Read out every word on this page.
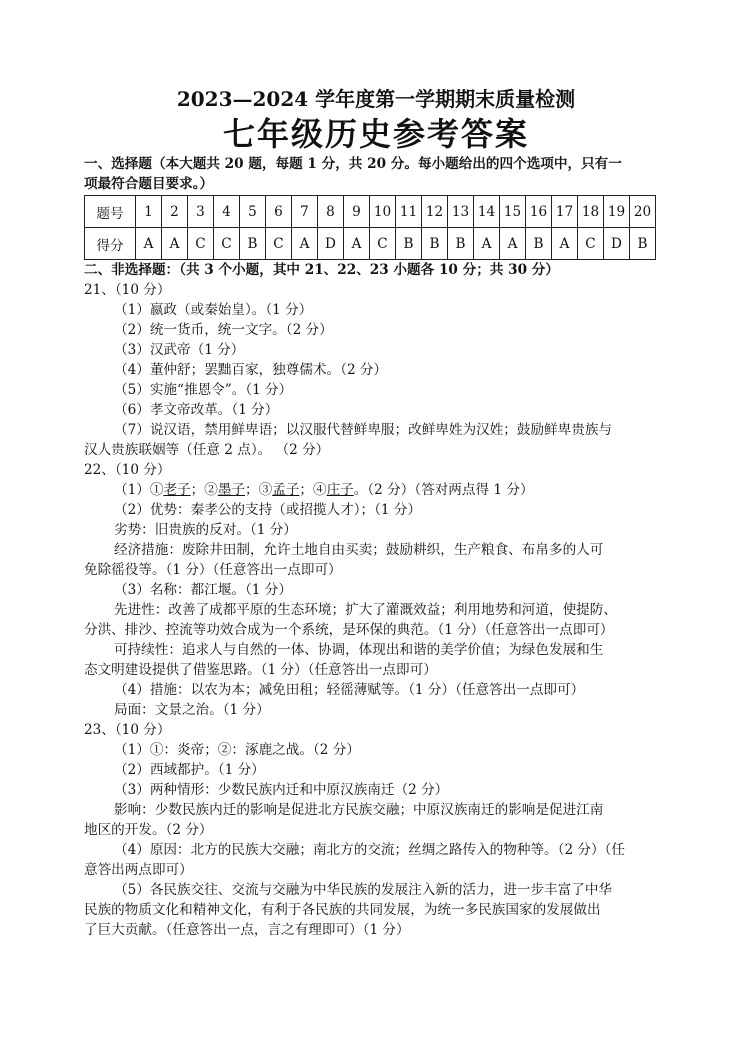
2023—2024 学年度第一学期期末质量检测
七年级历史参考答案
一、选择题（本大题共 20 题，每题 1 分，共 20 分。每小题给出的四个选项中，只有一
项最符合题目要求。）
题号	1	2	3	4	5	6	7	8	9	10	11	12	13	14	15	16	17	18	19	20
得分	A	A	C	C	B	C	A	D	A	C	B	B	B	A	A	B	A	C	D	B
二、非选择题：（共 3 个小题，其中 21、22、23 小题各 10 分；共 30 分）
21、（10 分）
（1）嬴政（或秦始皇）。（1 分）
（2）统一货币，统一文字。（2 分）
（3）汉武帝（1 分）
（4）董仲舒；罢黜百家，独尊儒术。（2 分）
（5）实施“推恩令”。（1 分）
（6）孝文帝改革。（1 分）
（7）说汉语，禁用鲜卑语；以汉服代替鲜卑服；改鲜卑姓为汉姓；鼓励鲜卑贵族与
汉人贵族联姻等（任意 2 点）。 （2 分）
22、（10 分）
（1）①老子；②墨子；③孟子；④庄子。（2 分）（答对两点得 1 分）
（2）优势：秦孝公的支持（或招揽人才）；（1 分）
劣势：旧贵族的反对。（1 分）
经济措施：废除井田制，允许土地自由买卖；鼓励耕织，生产粮食、布帛多的人可
免除徭役等。（1 分）（任意答出一点即可）
（3）名称：都江堰。（1 分）
先进性：改善了成都平原的生态环境；扩大了灌溉效益；利用地势和河道，使提防、
分洪、排沙、控流等功效合成为一个系统，是环保的典范。（1 分）（任意答出一点即可）
可持续性：追求人与自然的一体、协调，体现出和谐的美学价值；为绿色发展和生
态文明建设提供了借鉴思路。（1 分）（任意答出一点即可）
（4）措施：以农为本；减免田租；轻徭薄赋等。（1 分）（任意答出一点即可）
局面：文景之治。（1 分）
23、（10 分）
（1）①：炎帝；②：涿鹿之战。（2 分）
（2）西域都护。（1 分）
（3）两种情形：少数民族内迁和中原汉族南迁（2 分）
影响：少数民族内迁的影响是促进北方民族交融；中原汉族南迁的影响是促进江南
地区的开发。（2 分）
（4）原因：北方的民族大交融；南北方的交流；丝绸之路传入的物种等。（2 分）（任
意答出两点即可）
（5）各民族交往、交流与交融为中华民族的发展注入新的活力，进一步丰富了中华
民族的物质文化和精神文化，有利于各民族的共同发展，为统一多民族国家的发展做出
了巨大贡献。（任意答出一点，言之有理即可）（1 分）
